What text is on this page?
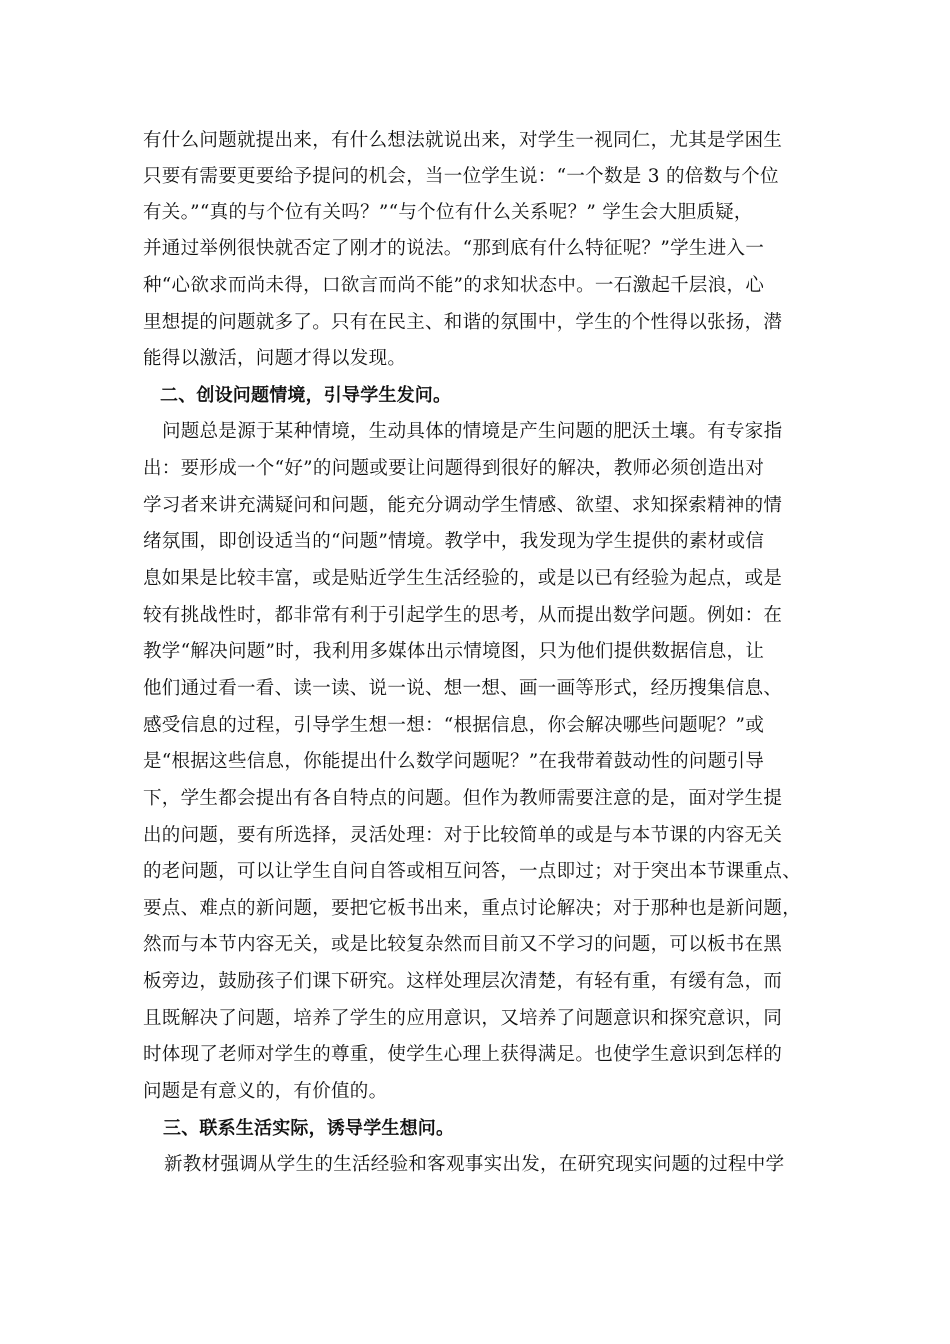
有什么问题就提出来，有什么想法就说出来，对学生一视同仁，尤其是学困生
只要有需要更要给予提问的机会，当一位学生说：“一个数是 3 的倍数与个位
有关。”“真的与个位有关吗？”“与个位有什么关系呢？” 学生会大胆质疑，
并通过举例很快就否定了刚才的说法。“那到底有什么特征呢？”学生进入一
种“心欲求而尚未得，口欲言而尚不能”的求知状态中。一石激起千层浪，心
里想提的问题就多了。只有在民主、和谐的氛围中，学生的个性得以张扬，潜
能得以激活，问题才得以发现。
二、创设问题情境，引导学生发问。
问题总是源于某种情境，生动具体的情境是产生问题的肥沃土壤。有专家指
出：要形成一个“好”的问题或要让问题得到很好的解决，教师必须创造出对
学习者来讲充满疑问和问题，能充分调动学生情感、欲望、求知探索精神的情
绪氛围，即创设适当的“问题”情境。教学中，我发现为学生提供的素材或信
息如果是比较丰富，或是贴近学生生活经验的，或是以已有经验为起点，或是
较有挑战性时，都非常有利于引起学生的思考，从而提出数学问题。例如：在
教学“解决问题”时，我利用多媒体出示情境图，只为他们提供数据信息，让
他们通过看一看、读一读、说一说、想一想、画一画等形式，经历搜集信息、
感受信息的过程，引导学生想一想：“根据信息，你会解决哪些问题呢？”或
是“根据这些信息，你能提出什么数学问题呢？”在我带着鼓动性的问题引导
下，学生都会提出有各自特点的问题。但作为教师需要注意的是，面对学生提
出的问题，要有所选择，灵活处理：对于比较简单的或是与本节课的内容无关
的老问题，可以让学生自问自答或相互问答，一点即过；对于突出本节课重点、
要点、难点的新问题，要把它板书出来，重点讨论解决；对于那种也是新问题，
然而与本节内容无关，或是比较复杂然而目前又不学习的问题，可以板书在黑
板旁边，鼓励孩子们课下研究。这样处理层次清楚，有轻有重，有缓有急，而
且既解决了问题，培养了学生的应用意识，又培养了问题意识和探究意识，同
时体现了老师对学生的尊重，使学生心理上获得满足。也使学生意识到怎样的
问题是有意义的，有价值的。
三、联系生活实际，诱导学生想问。
新教材强调从学生的生活经验和客观事实出发，在研究现实问题的过程中学
